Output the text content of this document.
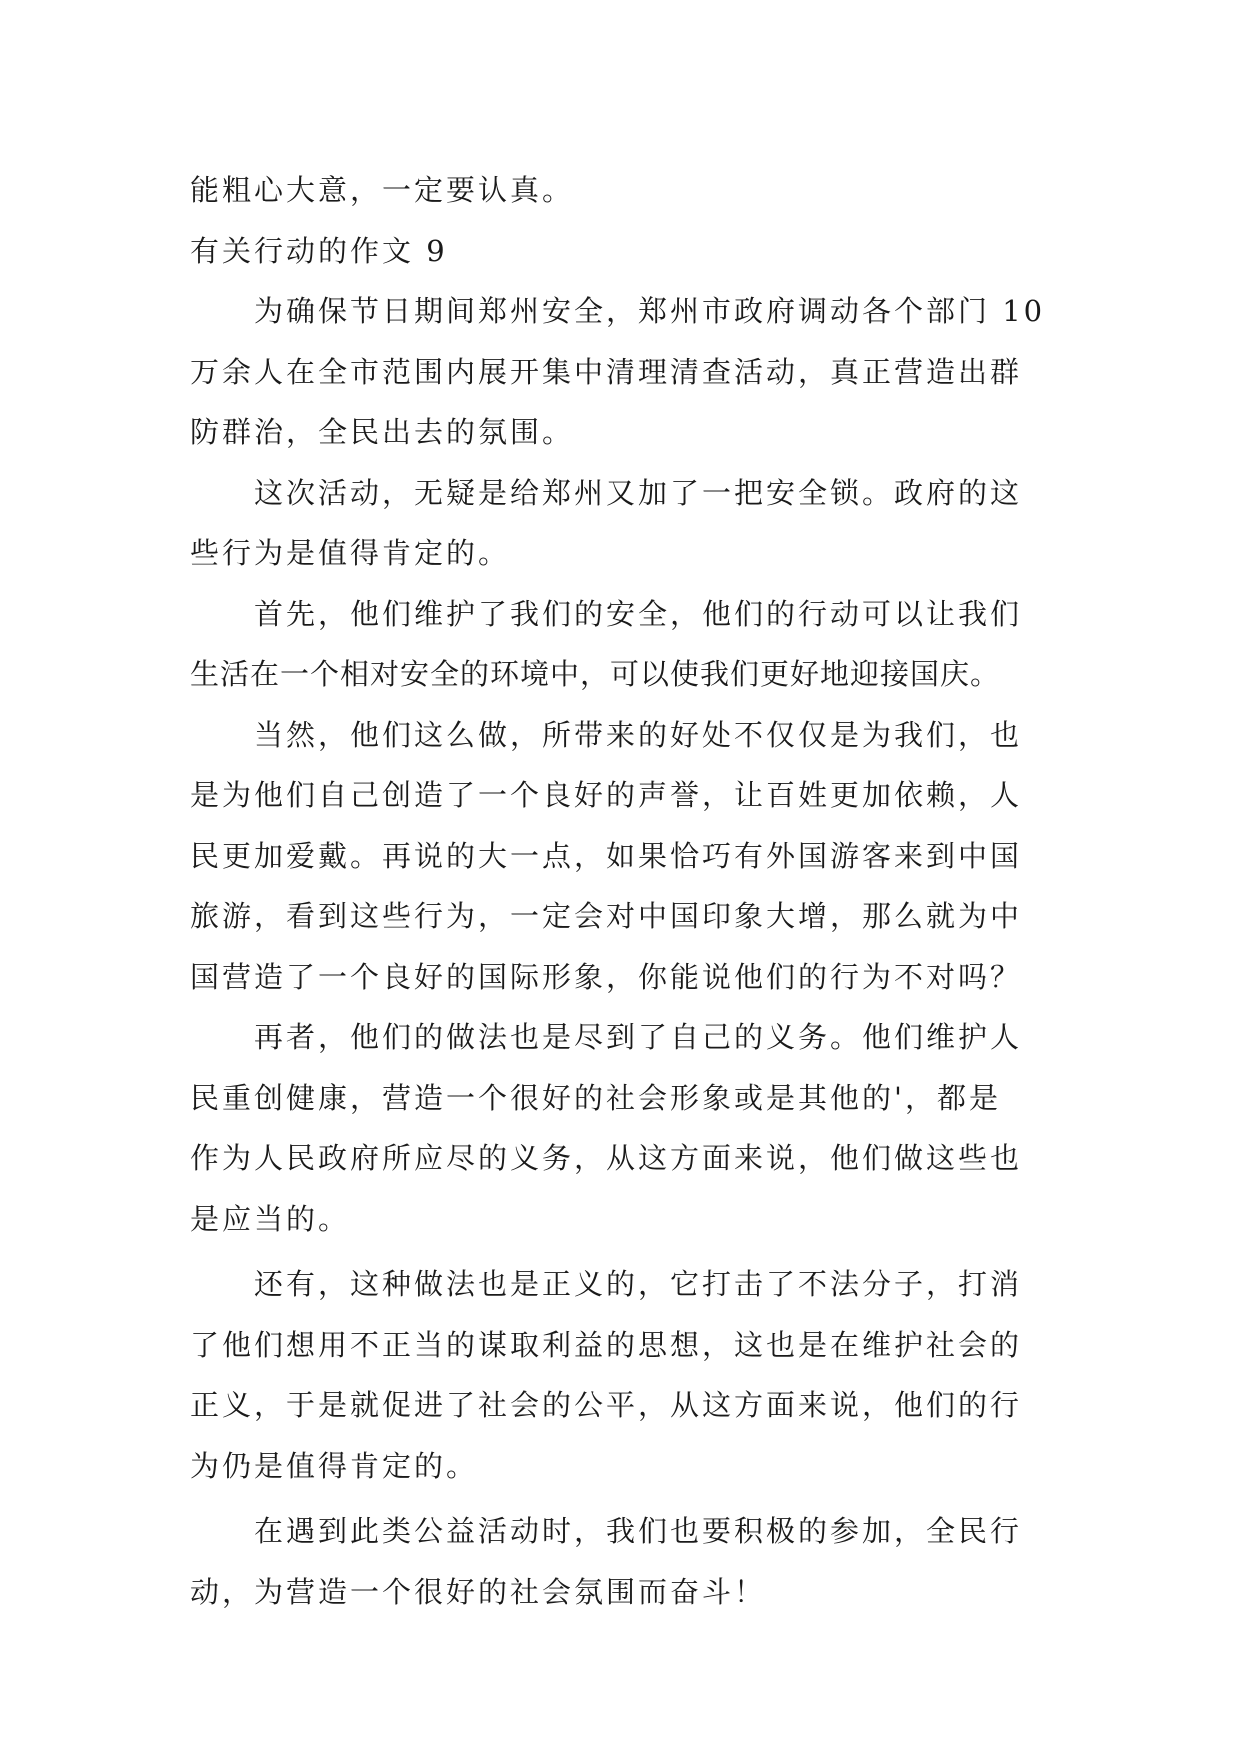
能粗心大意，一定要认真。
有关行动的作文 9
为确保节日期间郑州安全，郑州市政府调动各个部门 10
万余人在全市范围内展开集中清理清查活动，真正营造出群
防群治，全民出去的氛围。
这次活动，无疑是给郑州又加了一把安全锁。政府的这
些行为是值得肯定的。
首先，他们维护了我们的安全，他们的行动可以让我们
生活在一个相对安全的环境中，可以使我们更好地迎接国庆。
当然，他们这么做，所带来的好处不仅仅是为我们，也
是为他们自己创造了一个良好的声誉，让百姓更加依赖，人
民更加爱戴。再说的大一点，如果恰巧有外国游客来到中国
旅游，看到这些行为，一定会对中国印象大增，那么就为中
国营造了一个良好的国际形象，你能说他们的行为不对吗？
再者，他们的做法也是尽到了自己的义务。他们维护人
民重创健康，营造一个很好的社会形象或是其他的'，都是
作为人民政府所应尽的义务，从这方面来说，他们做这些也
是应当的。
还有，这种做法也是正义的，它打击了不法分子，打消
了他们想用不正当的谋取利益的思想，这也是在维护社会的
正义，于是就促进了社会的公平，从这方面来说，他们的行
为仍是值得肯定的。
在遇到此类公益活动时，我们也要积极的参加，全民行
动，为营造一个很好的社会氛围而奋斗！
